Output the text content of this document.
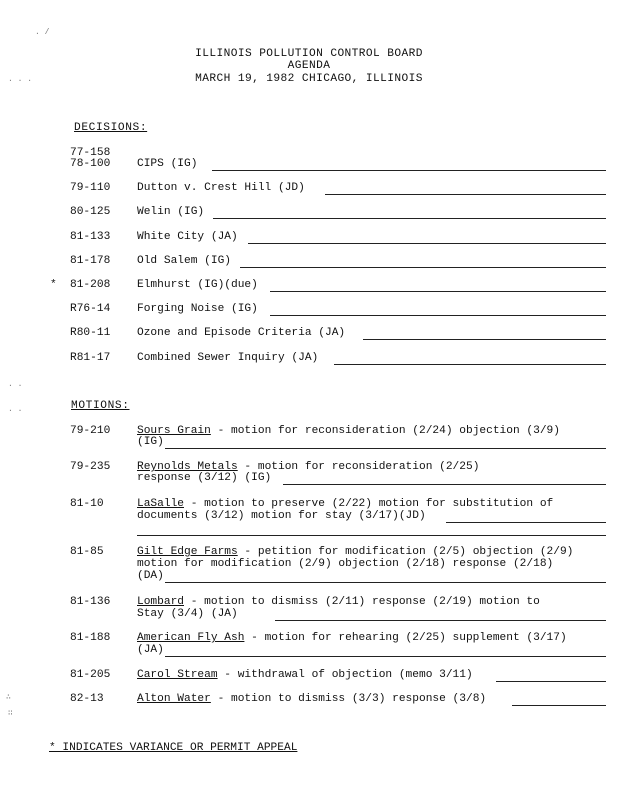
ILLINOIS POLLUTION CONTROL BOARD
AGENDA
MARCH 19, 1982 CHICAGO, ILLINOIS
. /
. . .
DECISIONS:
77-158
78-100 CIPS (IG)
79-110 Dutton v. Crest Hill (JD)
80-125 Welin (IG)
81-133 White City (JA)
81-178 Old Salem (IG)
* 81-208 Elmhurst (IG)(due)
R76-14 Forging Noise (IG)
R80-11 Ozone and Episode Criteria (JA)
R81-17 Combined Sewer Inquiry (JA)
. .
. .	MOTIONS:
79-210 Sours Grain - motion for reconsideration (2/24) objection (3/9)
(IG)
79-235 Reynolds Metals - motion for reconsideration (2/25)
response (3/12) (IG)
81-10	LaSalle - motion to preserve (2/22) motion for substitution of
documents (3/12) motion for stay (3/17)(JD)
81-85	Gilt Edge Farms - petition for modification (2/5) objection (2/9)
motion for modification (2/9) objection (2/18) response (2/18)
(DA)
81-136 Lombard - motion to dismiss (2/11) response (2/19) motion to
Stay (3/4) (JA)
81-188 American Fly Ash - motion for rehearing (2/25) supplement (3/17)
(JA)
81-205 Carol Stream - withdrawal of objection (memo 3/11)
82-13	Alton Water - motion to dismiss (3/3) response (3/8)
∴
∷
* INDICATES VARIANCE OR PERMIT APPEAL
